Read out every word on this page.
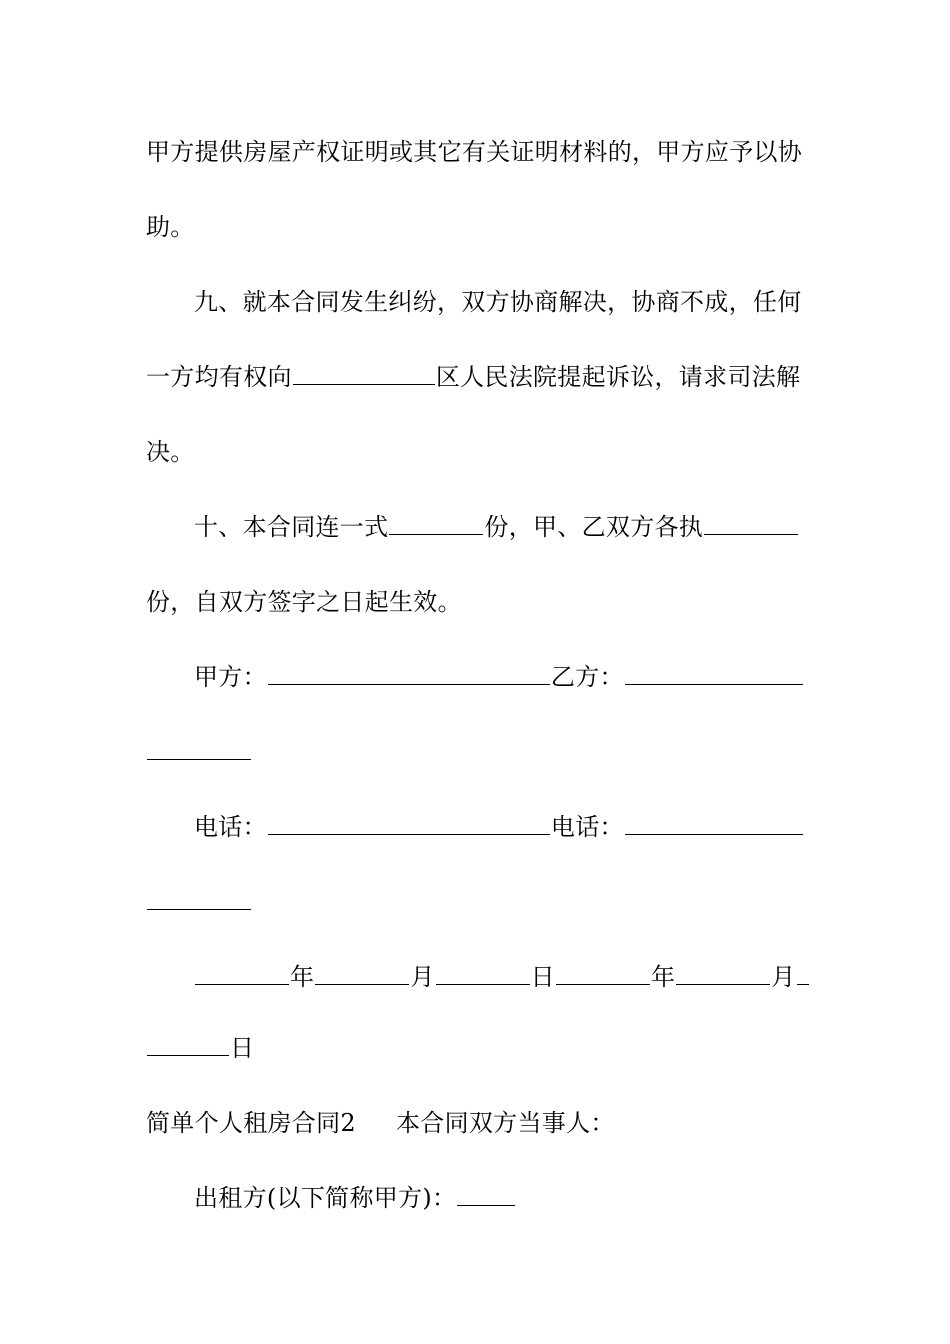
甲方提供房屋产权证明或其它有关证明材料的，甲方应予以协
助。
九、就本合同发生纠纷，双方协商解决，协商不成，任何
一方均有权向	区人民法院提起诉讼，请求司法解
决。
十、本合同连一式	份，甲、乙双方各执
份，自双方签字之日起生效。
甲方：	乙方：
电话：	电话：
年	月	日	年	月
日
简单个人租房合同2 本合同双方当事人：
出租方(以下简称甲方)：
